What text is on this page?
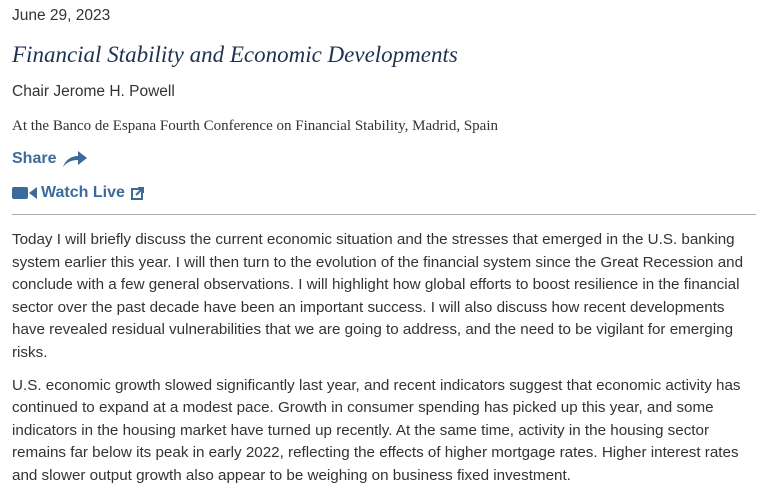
June 29, 2023
Financial Stability and Economic Developments
Chair Jerome H. Powell
At the Banco de Espana Fourth Conference on Financial Stability, Madrid, Spain
Share
Watch Live

Today I will briefly discuss the current economic situation and the stresses that emerged in the U.S. banking system earlier this year. I will then turn to the evolution of the financial system since the Great Recession and conclude with a few general observations. I will highlight how global efforts to boost resilience in the financial sector over the past decade have been an important success. I will also discuss how recent developments have revealed residual vulnerabilities that we are going to address, and the need to be vigilant for emerging risks.

U.S. economic growth slowed significantly last year, and recent indicators suggest that economic activity has continued to expand at a modest pace. Growth in consumer spending has picked up this year, and some indicators in the housing market have turned up recently. At the same time, activity in the housing sector remains far below its peak in early 2022, reflecting the effects of higher mortgage rates. Higher interest rates and slower output growth also appear to be weighing on business fixed investment.
